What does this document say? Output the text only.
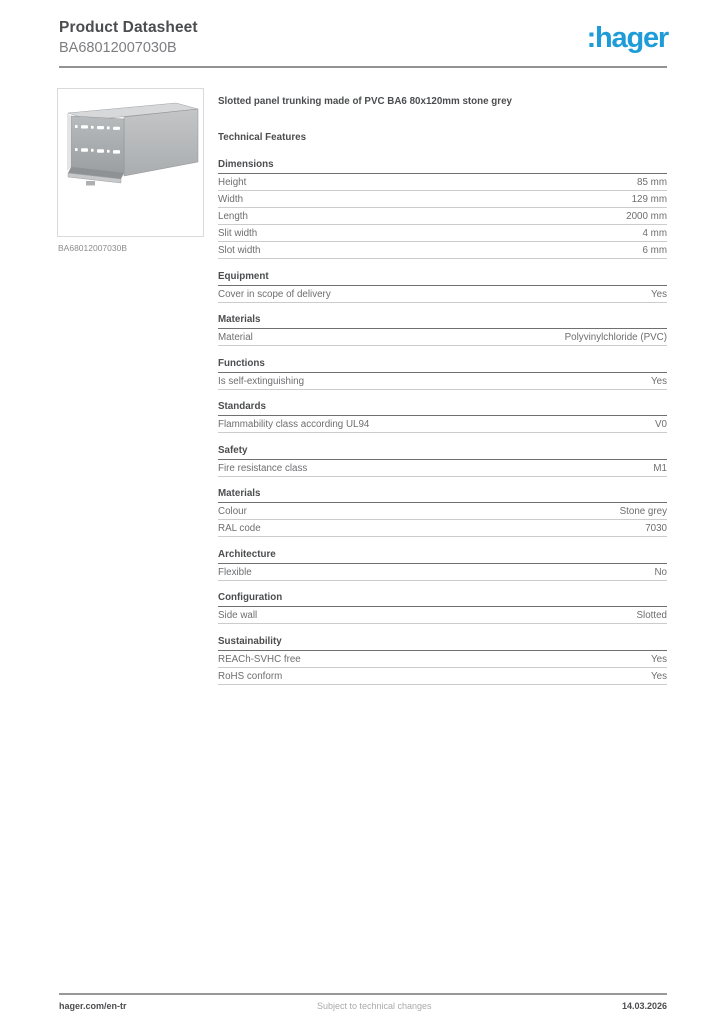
Product Datasheet
BA68012007030B	:hager
BA68012007030B
Slotted panel trunking made of PVC BA6 80x120mm stone grey
Technical Features
Dimensions
Height	85 mm
Width	129 mm
Length	2000 mm
Slit width	4 mm
Slot width	6 mm
Equipment
Cover in scope of delivery	Yes
Materials
Material	Polyvinylchloride (PVC)
Functions
Is self-extinguishing	Yes
Standards
Flammability class according UL94	V0
Safety
Fire resistance class	M1
Materials
Colour	Stone grey
RAL code	7030
Architecture
Flexible	No
Configuration
Side wall	Slotted
Sustainability
REACh-SVHC free	Yes
RoHS conform	Yes
hager.com/en-tr	Subject to technical changes	14.03.2026
